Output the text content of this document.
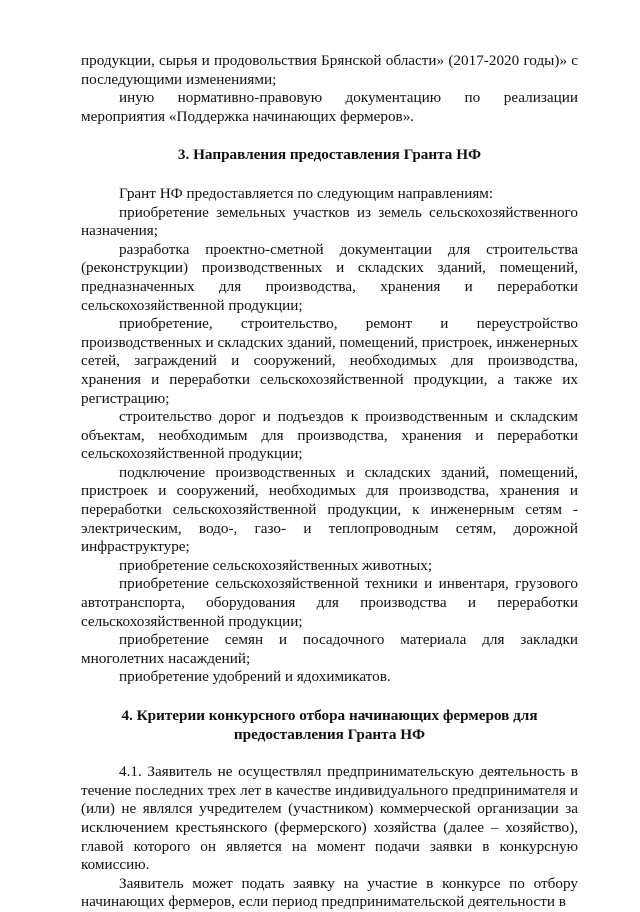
продукции, сырья и продовольствия Брянской области» (2017-2020 годы)» с последующими изменениями;

иную нормативно-правовую документацию по реализации мероприятия «Поддержка начинающих фермеров».

3. Направления предоставления Гранта НФ

Грант НФ предоставляется по следующим направлениям:

приобретение земельных участков из земель сельскохозяйственного назначения;

разработка проектно-сметной документации для строительства (реконструкции) производственных и складских зданий, помещений, предназначенных для производства, хранения и переработки сельскохозяйственной продукции;

приобретение, строительство, ремонт и переустройство производственных и складских зданий, помещений, пристроек, инженерных сетей, заграждений и сооружений, необходимых для производства, хранения и переработки сельскохозяйственной продукции, а также их регистрацию;

строительство дорог и подъездов к производственным и складским объектам, необходимым для производства, хранения и переработки сельскохозяйственной продукции;

подключение производственных и складских зданий, помещений, пристроек и сооружений, необходимых для производства, хранения и переработки сельскохозяйственной продукции, к инженерным сетям - электрическим, водо-, газо- и теплопроводным сетям, дорожной инфраструктуре;

приобретение сельскохозяйственных животных;

приобретение сельскохозяйственной техники и инвентаря, грузового автотранспорта, оборудования для производства и переработки сельскохозяйственной продукции;

приобретение семян и посадочного материала для закладки многолетних насаждений;

приобретение удобрений и ядохимикатов.

4. Критерии конкурсного отбора начинающих фермеров для
предоставления Гранта НФ

4.1. Заявитель не осуществлял предпринимательскую деятельность в течение последних трех лет в качестве индивидуального предпринимателя и (или) не являлся учредителем (участником) коммерческой организации за исключением крестьянского (фермерского) хозяйства (далее – хозяйство), главой которого он является на момент подачи заявки в конкурсную комиссию.

Заявитель может подать заявку на участие в конкурсе по отбору начинающих фермеров, если период предпринимательской деятельности в
